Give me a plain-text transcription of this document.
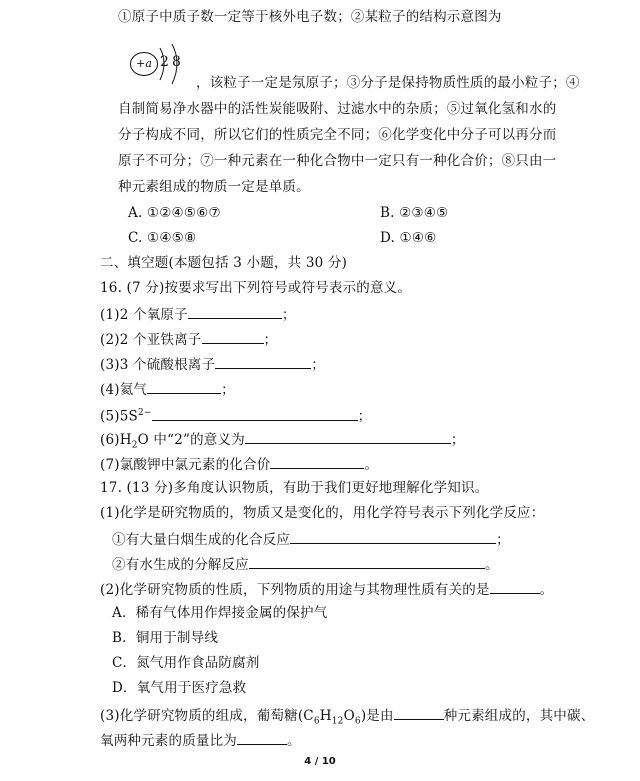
①原子中质子数一定等于核外电子数；②某粒子的结构示意图为
+a 2 8
，该粒子一定是氖原子；③分子是保持物质性质的最小粒子；④
自制简易净水器中的活性炭能吸附、过滤水中的杂质；⑤过氧化氢和水的
分子构成不同，所以它们的性质完全不同；⑥化学变化中分子可以再分而
原子不可分；⑦一种元素在一种化合物中一定只有一种化合价；⑧只由一
种元素组成的物质一定是单质。
A. ①②④⑤⑥⑦	B. ②③④⑤
C. ①④⑤⑧	D. ①④⑥
二、填空题(本题包括 3 小题，共 30 分)
16. (7 分)按要求写出下列符号或符号表示的意义。
(1)2 个氧原子	；
(2)2 个亚铁离子	；
(3)3 个硫酸根离子	；
(4)氦气	；
$(5)5S^{2-}$	；
$(6)H_2O$ 中“2”的意义为	；
(7)氯酸钾中氯元素的化合价	。
17. (13 分)多角度认识物质，有助于我们更好地理解化学知识。
(1)化学是研究物质的，物质又是变化的，用化学符号表示下列化学反应：
①有大量白烟生成的化合反应	；
②有水生成的分解反应	。
(2)化学研究物质的性质，下列物质的用途与其物理性质有关的是	。
A．稀有气体用作焊接金属的保护气
B．铜用于制导线
C．氮气用作食品防腐剂
D．氧气用于医疗急救
(3)化学研究物质的组成，葡萄糖$(C_6H_{12}O_6)$是由	种元素组成的，其中碳、
氧两种元素的质量比为	。
4 / 10
